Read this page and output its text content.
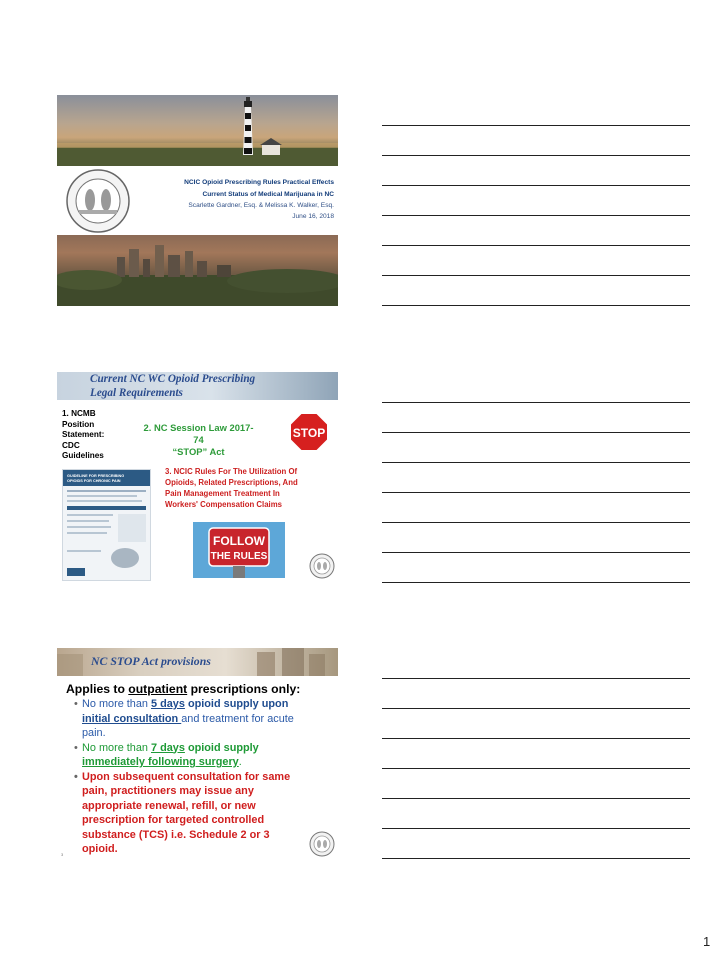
NCIC Opioid Prescribing Rules Practical Effects
Current Status of Medical Marijuana in NC
Scarlette Gardner, Esq. & Melissa K. Walker, Esq.
June 16, 2018
Current NC WC Opioid Prescribing
Legal Requirements
1. NCMB
Position
Statement:
CDC
Guidelines
2. NC Session Law 2017-74
“STOP” Act
STOP
GUIDELINE FOR PRESCRIBING
OPIOIDS FOR CHRONIC PAIN
3. NCIC Rules For The Utilization Of
Opioids, Related Prescriptions, And
Pain Management Treatment In
Workers' Compensation Claims
FOLLOW
THE RULES
NC STOP Act provisions
Applies to outpatient prescriptions only:
• No more than 5 days opioid supply upon
initial consultation and treatment for acute
pain.
• No more than 7 days opioid supply
immediately following surgery.
• Upon subsequent consultation for same
pain, practitioners may issue any
appropriate renewal, refill, or new
prescription for targeted controlled
substance (TCS) i.e. Schedule 2 or 3
opioid.
3
1
